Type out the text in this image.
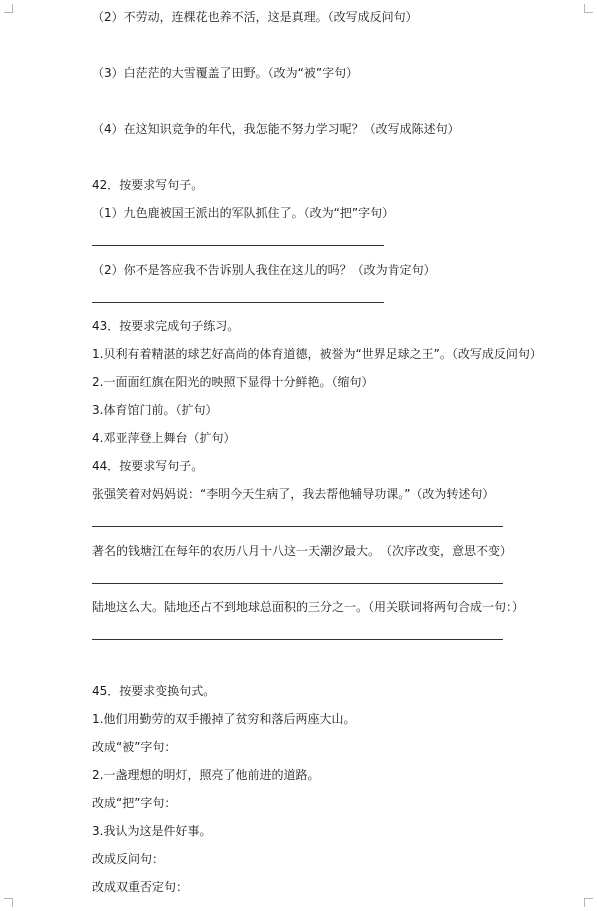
（2）不劳动，连棵花也养不活，这是真理。（改写成反问句）
（3）白茫茫的大雪覆盖了田野。（改为“被”字句）
（4）在这知识竞争的年代，我怎能不努力学习呢？（改写成陈述句）
42．按要求写句子。
（1）九色鹿被国王派出的军队抓住了。（改为“把”字句）
（2）你不是答应我不告诉别人我住在这儿的吗？（改为肯定句）
43．按要求完成句子练习。
1.贝利有着精湛的球艺好高尚的体育道德，被誉为“世界足球之王”。（改写成反问句）
2.一面面红旗在阳光的映照下显得十分鲜艳。（缩句）
3.体育馆门前。（扩句）
4.邓亚萍登上舞台（扩句）
44．按要求写句子。
张强笑着对妈妈说：“李明今天生病了，我去帮他辅导功课。”（改为转述句）
著名的钱塘江在每年的农历八月十八这一天潮汐最大。　（次序改变，意思不变）
陆地这么大。陆地还占不到地球总面积的三分之一。（用关联词将两句合成一句：）
45．按要求变换句式。
1.他们用勤劳的双手搬掉了贫穷和落后两座大山。
改成“被”字句：
2.一盏理想的明灯，照亮了他前进的道路。
改成“把”字句：
3.我认为这是件好事。
改成反问句：
改成双重否定句：
